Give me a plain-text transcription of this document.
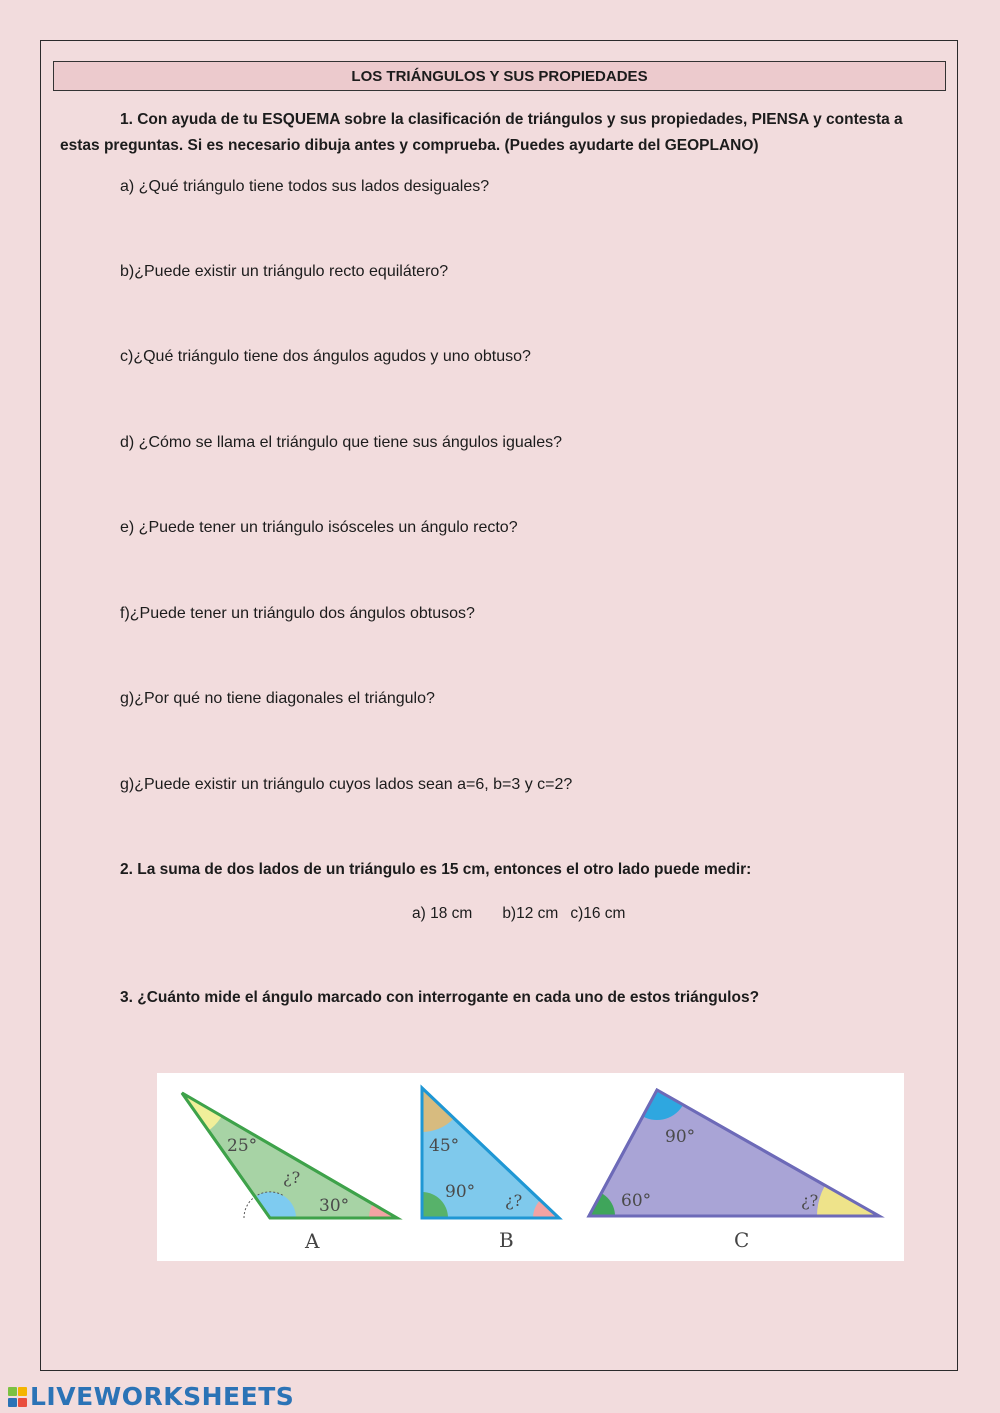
LOS TRIÁNGULOS Y SUS PROPIEDADES
1. Con ayuda de tu ESQUEMA sobre la clasificación de triángulos y sus propiedades, PIENSA y contesta a estas preguntas. Si es necesario dibuja antes y comprueba. (Puedes ayudarte del GEOPLANO)
a) ¿Qué triángulo tiene todos sus lados desiguales?
b)¿Puede existir un triángulo recto equilátero?
c)¿Qué triángulo tiene dos ángulos agudos y uno obtuso?
d) ¿Cómo se llama el triángulo que tiene sus ángulos iguales?
e) ¿Puede tener un triángulo isósceles un ángulo recto?
f)¿Puede tener un triángulo dos ángulos obtusos?
g)¿Por qué no tiene diagonales el triángulo?
g)¿Puede existir un triángulo cuyos lados sean a=6, b=3 y c=2?
2. La suma de dos lados de un triángulo es 15 cm, entonces el otro lado puede medir:
a) 18 cm b)12 cm c)16 cm
3. ¿Cuánto mide el ángulo marcado con interrogante en cada uno de estos triángulos?
25°
¿?
30°
A
45°
90° ¿?
B
90°
60°	¿?
C
LIVEWORKSHEETS
